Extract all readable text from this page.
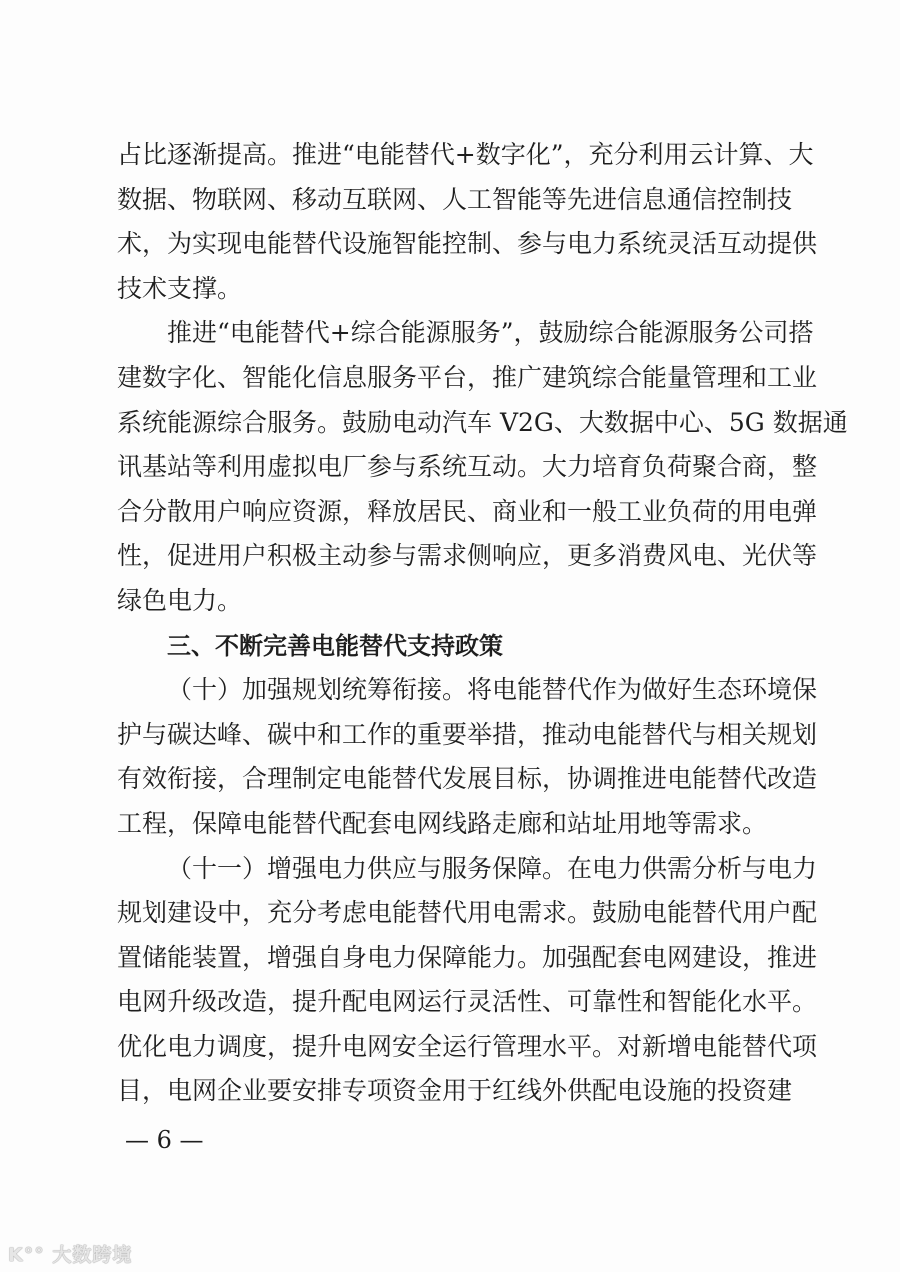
占比逐渐提高。推进“电能替代+数字化”，充分利用云计算、大
数据、物联网、移动互联网、人工智能等先进信息通信控制技
术，为实现电能替代设施智能控制、参与电力系统灵活互动提供
技术支撑。
推进“电能替代+综合能源服务”，鼓励综合能源服务公司搭
建数字化、智能化信息服务平台，推广建筑综合能量管理和工业
系统能源综合服务。鼓励电动汽车 V2G、大数据中心、5G 数据通
讯基站等利用虚拟电厂参与系统互动。大力培育负荷聚合商，整
合分散用户响应资源，释放居民、商业和一般工业负荷的用电弹
性，促进用户积极主动参与需求侧响应，更多消费风电、光伏等
绿色电力。
三、不断完善电能替代支持政策
（十）加强规划统筹衔接。将电能替代作为做好生态环境保
护与碳达峰、碳中和工作的重要举措，推动电能替代与相关规划
有效衔接，合理制定电能替代发展目标，协调推进电能替代改造
工程，保障电能替代配套电网线路走廊和站址用地等需求。
（十一）增强电力供应与服务保障。在电力供需分析与电力
规划建设中，充分考虑电能替代用电需求。鼓励电能替代用户配
置储能装置，增强自身电力保障能力。加强配套电网建设，推进
电网升级改造，提升配电网运行灵活性、可靠性和智能化水平。
优化电力调度，提升电网安全运行管理水平。对新增电能替代项
目，电网企业要安排专项资金用于红线外供配电设施的投资建
— 6 —
K°° 大数跨境
